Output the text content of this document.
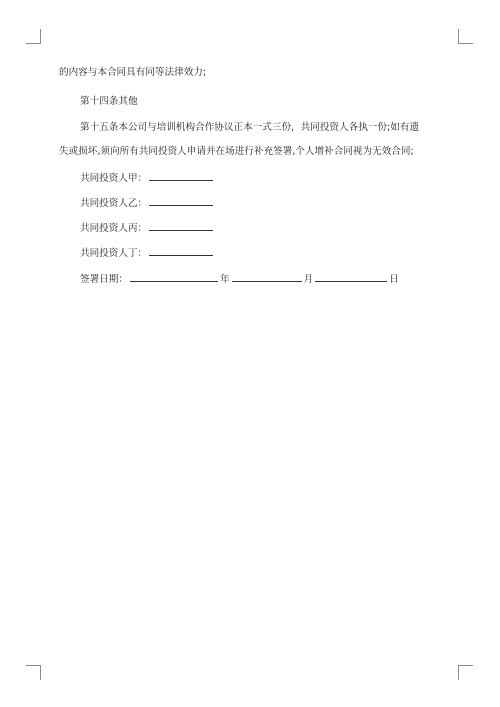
的内容与本合同具有同等法律效力;
第十四条其他
第十五条本公司与培训机构合作协议正本一式三份，共同投资人各执一份;如有遗
失或损坏,须向所有共同投资人申请并在场进行补充签署,个人增补合同视为无效合同;
共同投资人甲：
共同投资人乙：
共同投资人丙：
共同投资人丁：
签署日期：	年	月	日
